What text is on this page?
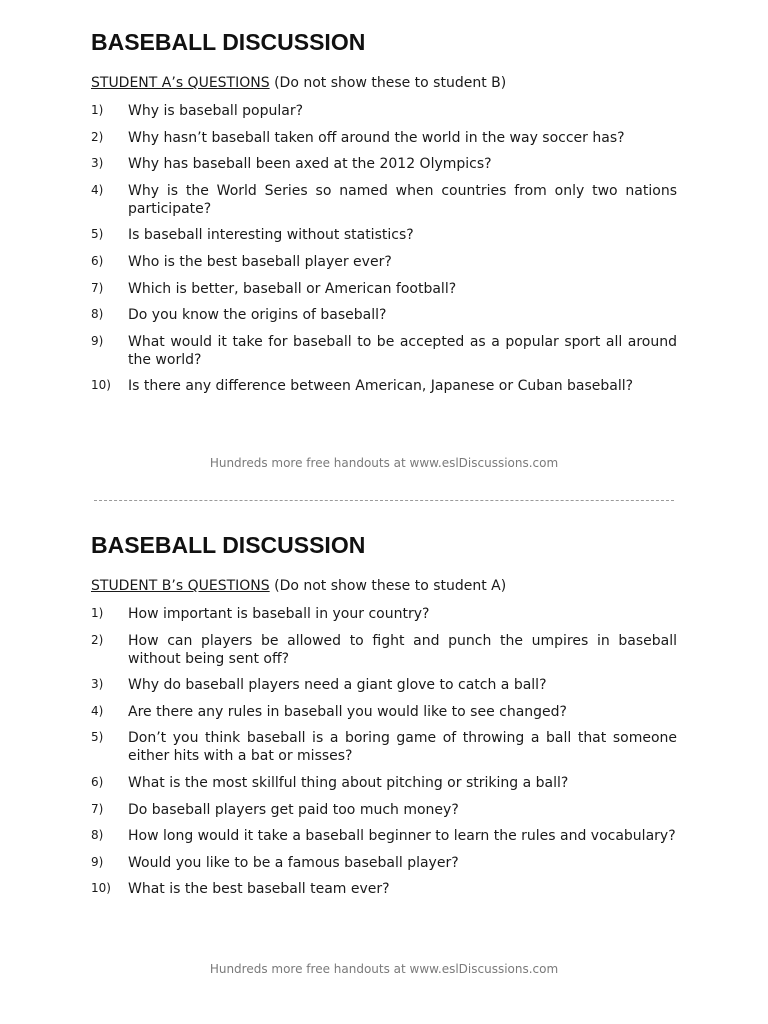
BASEBALL DISCUSSION

STUDENT A’s QUESTIONS (Do not show these to student B)

1)	Why is baseball popular?
2)	Why hasn’t baseball taken off around the world in the way soccer has?
3)	Why has baseball been axed at the 2012 Olympics?
4)	Why is the World Series so named when countries from only two nations participate?
5)	Is baseball interesting without statistics?
6)	Who is the best baseball player ever?
7)	Which is better, baseball or American football?
8)	Do you know the origins of baseball?
9)	What would it take for baseball to be accepted as a popular sport all around the world?
10)	Is there any difference between American, Japanese or Cuban baseball?
Hundreds more free handouts at www.eslDiscussions.com
BASEBALL DISCUSSION

STUDENT B’s QUESTIONS (Do not show these to student A)

1)	How important is baseball in your country?
2)	How can players be allowed to fight and punch the umpires in baseball without being sent off?
3)	Why do baseball players need a giant glove to catch a ball?
4)	Are there any rules in baseball you would like to see changed?
5)	Don’t you think baseball is a boring game of throwing a ball that someone either hits with a bat or misses?
6)	What is the most skillful thing about pitching or striking a ball?
7)	Do baseball players get paid too much money?
8)	How long would it take a baseball beginner to learn the rules and vocabulary?
9)	Would you like to be a famous baseball player?
10)	What is the best baseball team ever?
Hundreds more free handouts at www.eslDiscussions.com
